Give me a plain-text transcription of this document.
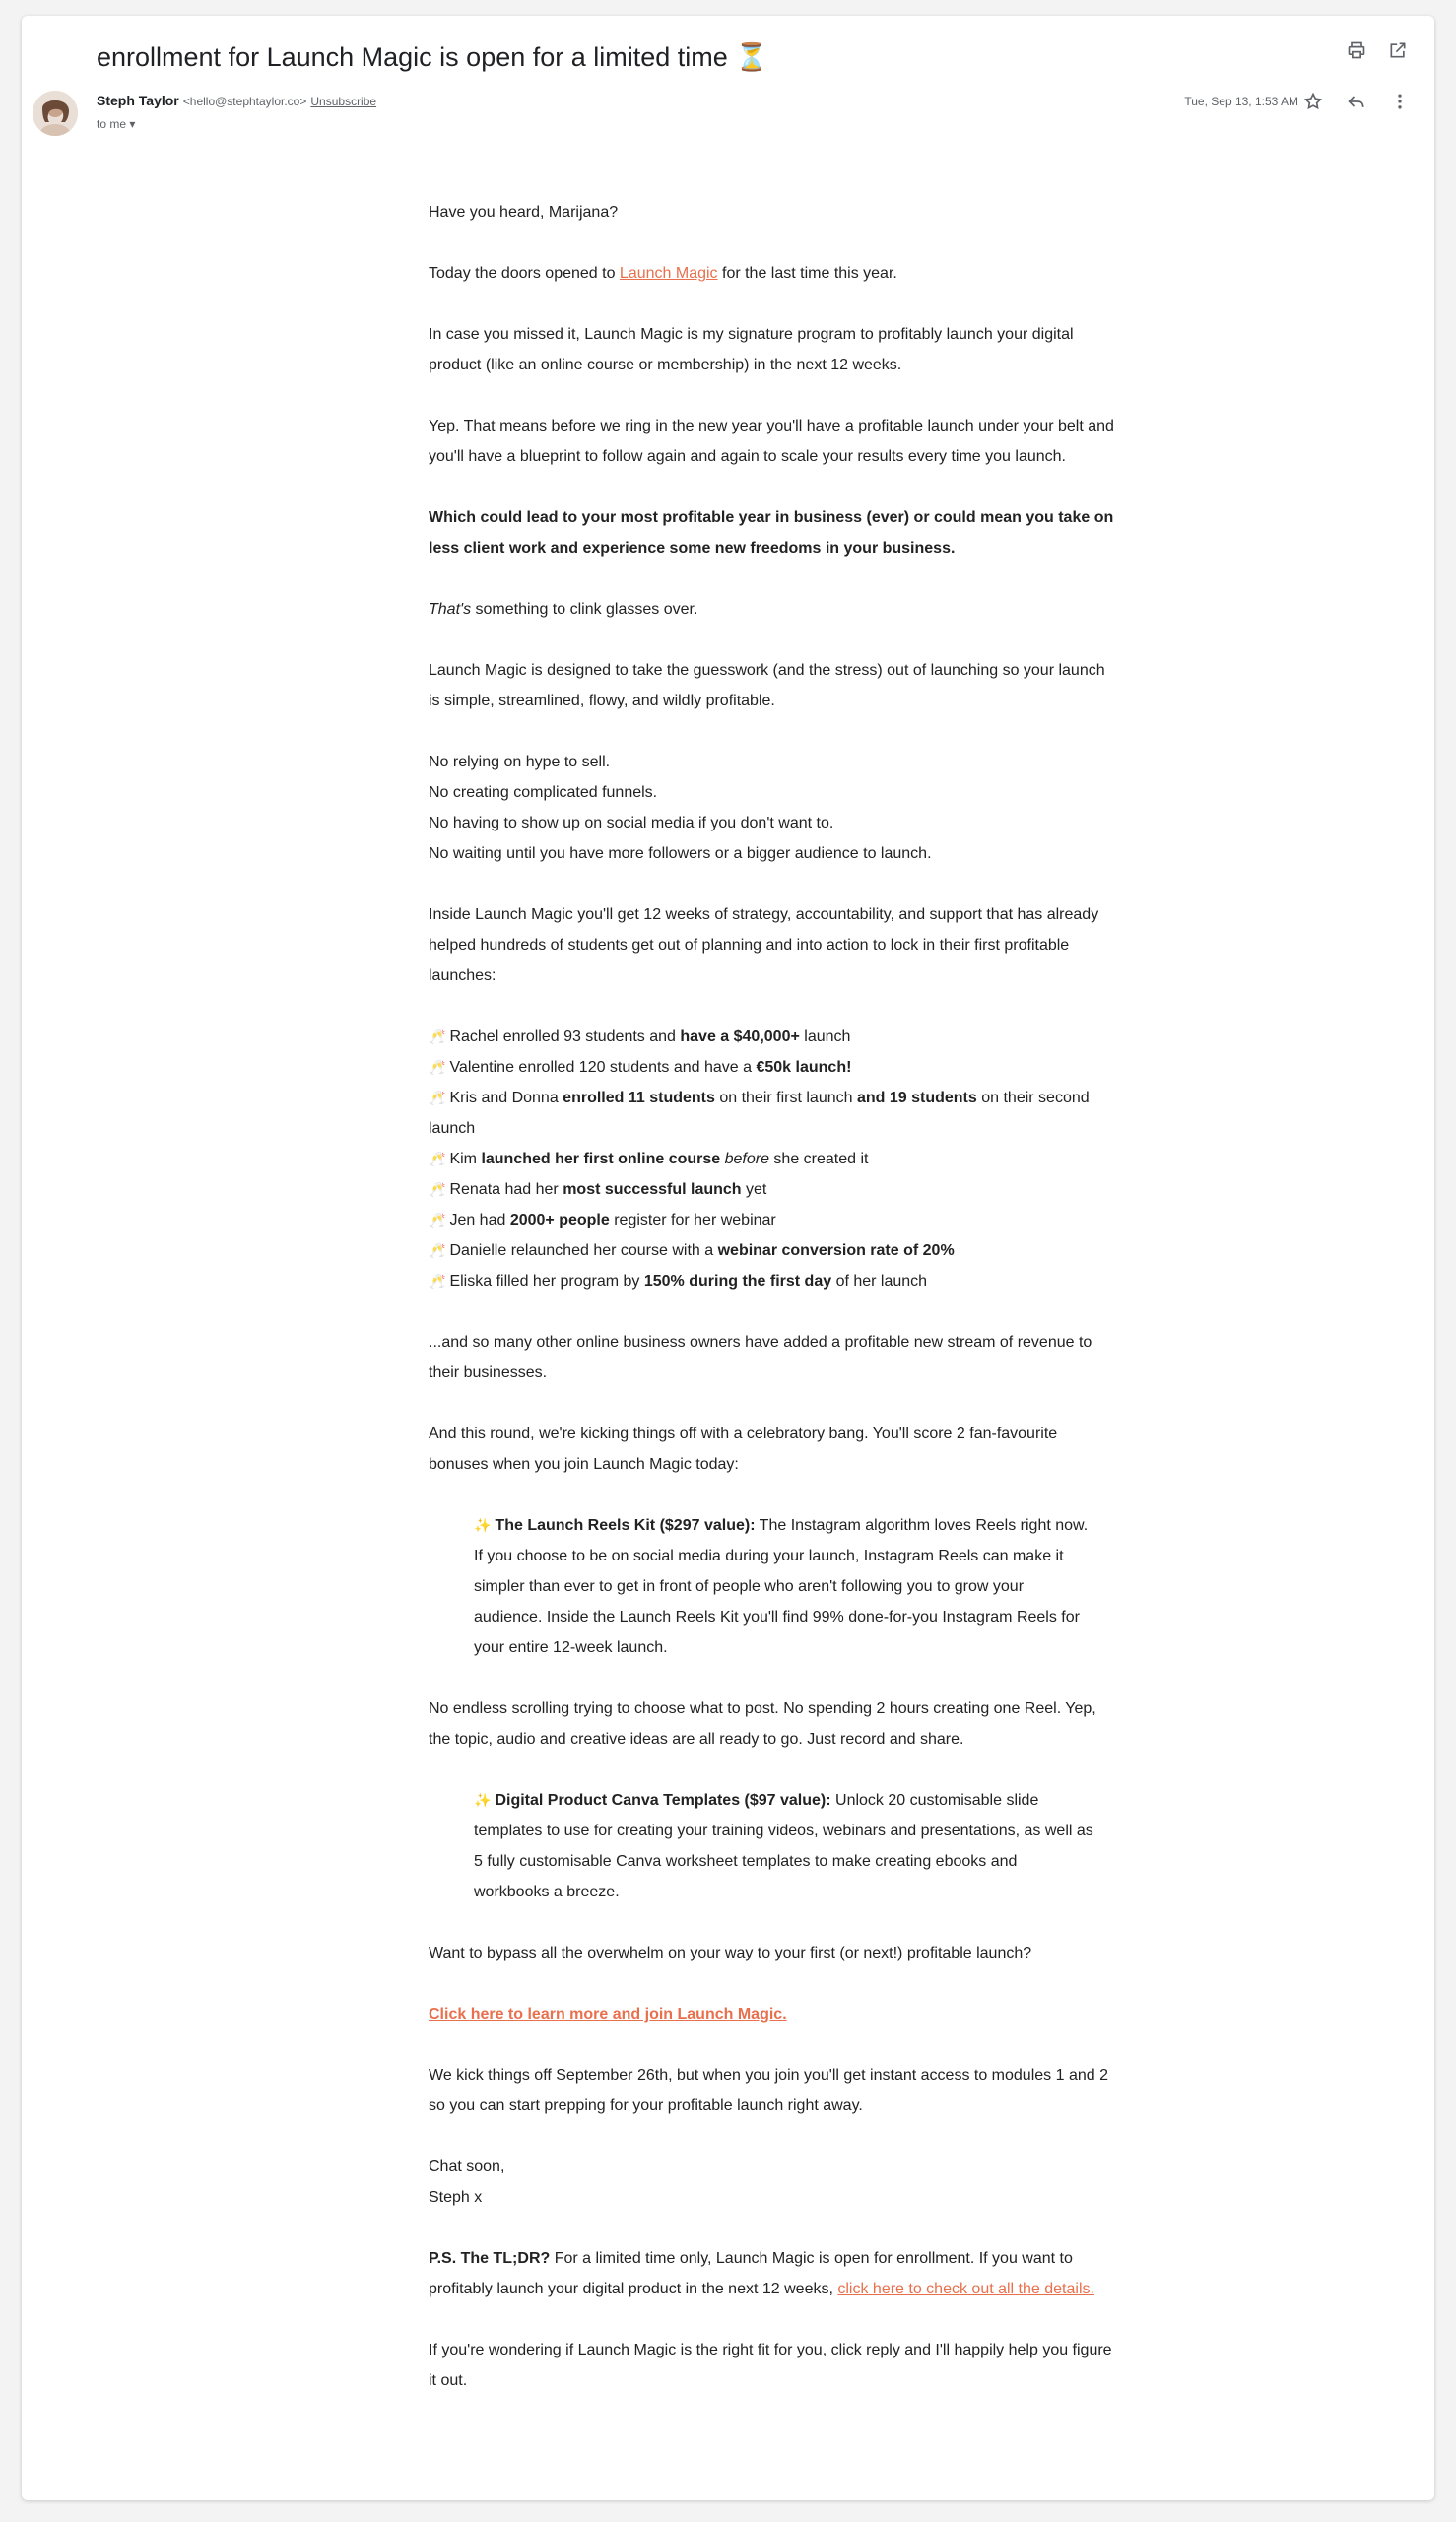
enrollment for Launch Magic is open for a limited time ⏳
Steph Taylor <hello@stephtaylor.co> Unsubscribe
to me ▾
Tue, Sep 13, 1:53 AM

Have you heard, Marijana?

Today the doors opened to Launch Magic for the last time this year.

In case you missed it, Launch Magic is my signature program to profitably launch your digital product (like an online course or membership) in the next 12 weeks.

Yep. That means before we ring in the new year you'll have a profitable launch under your belt and you'll have a blueprint to follow again and again to scale your results every time you launch.

Which could lead to your most profitable year in business (ever) or could mean you take on less client work and experience some new freedoms in your business.

That's something to clink glasses over.

Launch Magic is designed to take the guesswork (and the stress) out of launching so your launch is simple, streamlined, flowy, and wildly profitable.

No relying on hype to sell.

No creating complicated funnels.

No having to show up on social media if you don't want to.

No waiting until you have more followers or a bigger audience to launch.

Inside Launch Magic you'll get 12 weeks of strategy, accountability, and support that has already helped hundreds of students get out of planning and into action to lock in their first profitable launches:

🥂 Rachel enrolled 93 students and have a $40,000+ launch
🥂 Valentine enrolled 120 students and have a €50k launch!
🥂 Kris and Donna enrolled 11 students on their first launch and 19 students on their second launch
🥂 Kim launched her first online course before she created it
🥂 Renata had her most successful launch yet
🥂 Jen had 2000+ people register for her webinar
🥂 Danielle relaunched her course with a webinar conversion rate of 20%
🥂 Eliska filled her program by 150% during the first day of her launch

...and so many other online business owners have added a profitable new stream of revenue to their businesses.

And this round, we're kicking things off with a celebratory bang. You'll score 2 fan-favourite bonuses when you join Launch Magic today:

✨ The Launch Reels Kit ($297 value): The Instagram algorithm loves Reels right now. If you choose to be on social media during your launch, Instagram Reels can make it simpler than ever to get in front of people who aren't following you to grow your audience. Inside the Launch Reels Kit you'll find 99% done-for-you Instagram Reels for your entire 12-week launch.

No endless scrolling trying to choose what to post. No spending 2 hours creating one Reel. Yep, the topic, audio and creative ideas are all ready to go. Just record and share.

✨ Digital Product Canva Templates ($97 value): Unlock 20 customisable slide templates to use for creating your training videos, webinars and presentations, as well as 5 fully customisable Canva worksheet templates to make creating ebooks and workbooks a breeze.

Want to bypass all the overwhelm on your way to your first (or next!) profitable launch?

Click here to learn more and join Launch Magic.

We kick things off September 26th, but when you join you'll get instant access to modules 1 and 2 so you can start prepping for your profitable launch right away.

Chat soon,

Steph x

P.S. The TL;DR? For a limited time only, Launch Magic is open for enrollment. If you want to profitably launch your digital product in the next 12 weeks, click here to check out all the details.

If you're wondering if Launch Magic is the right fit for you, click reply and I'll happily help you figure it out.
